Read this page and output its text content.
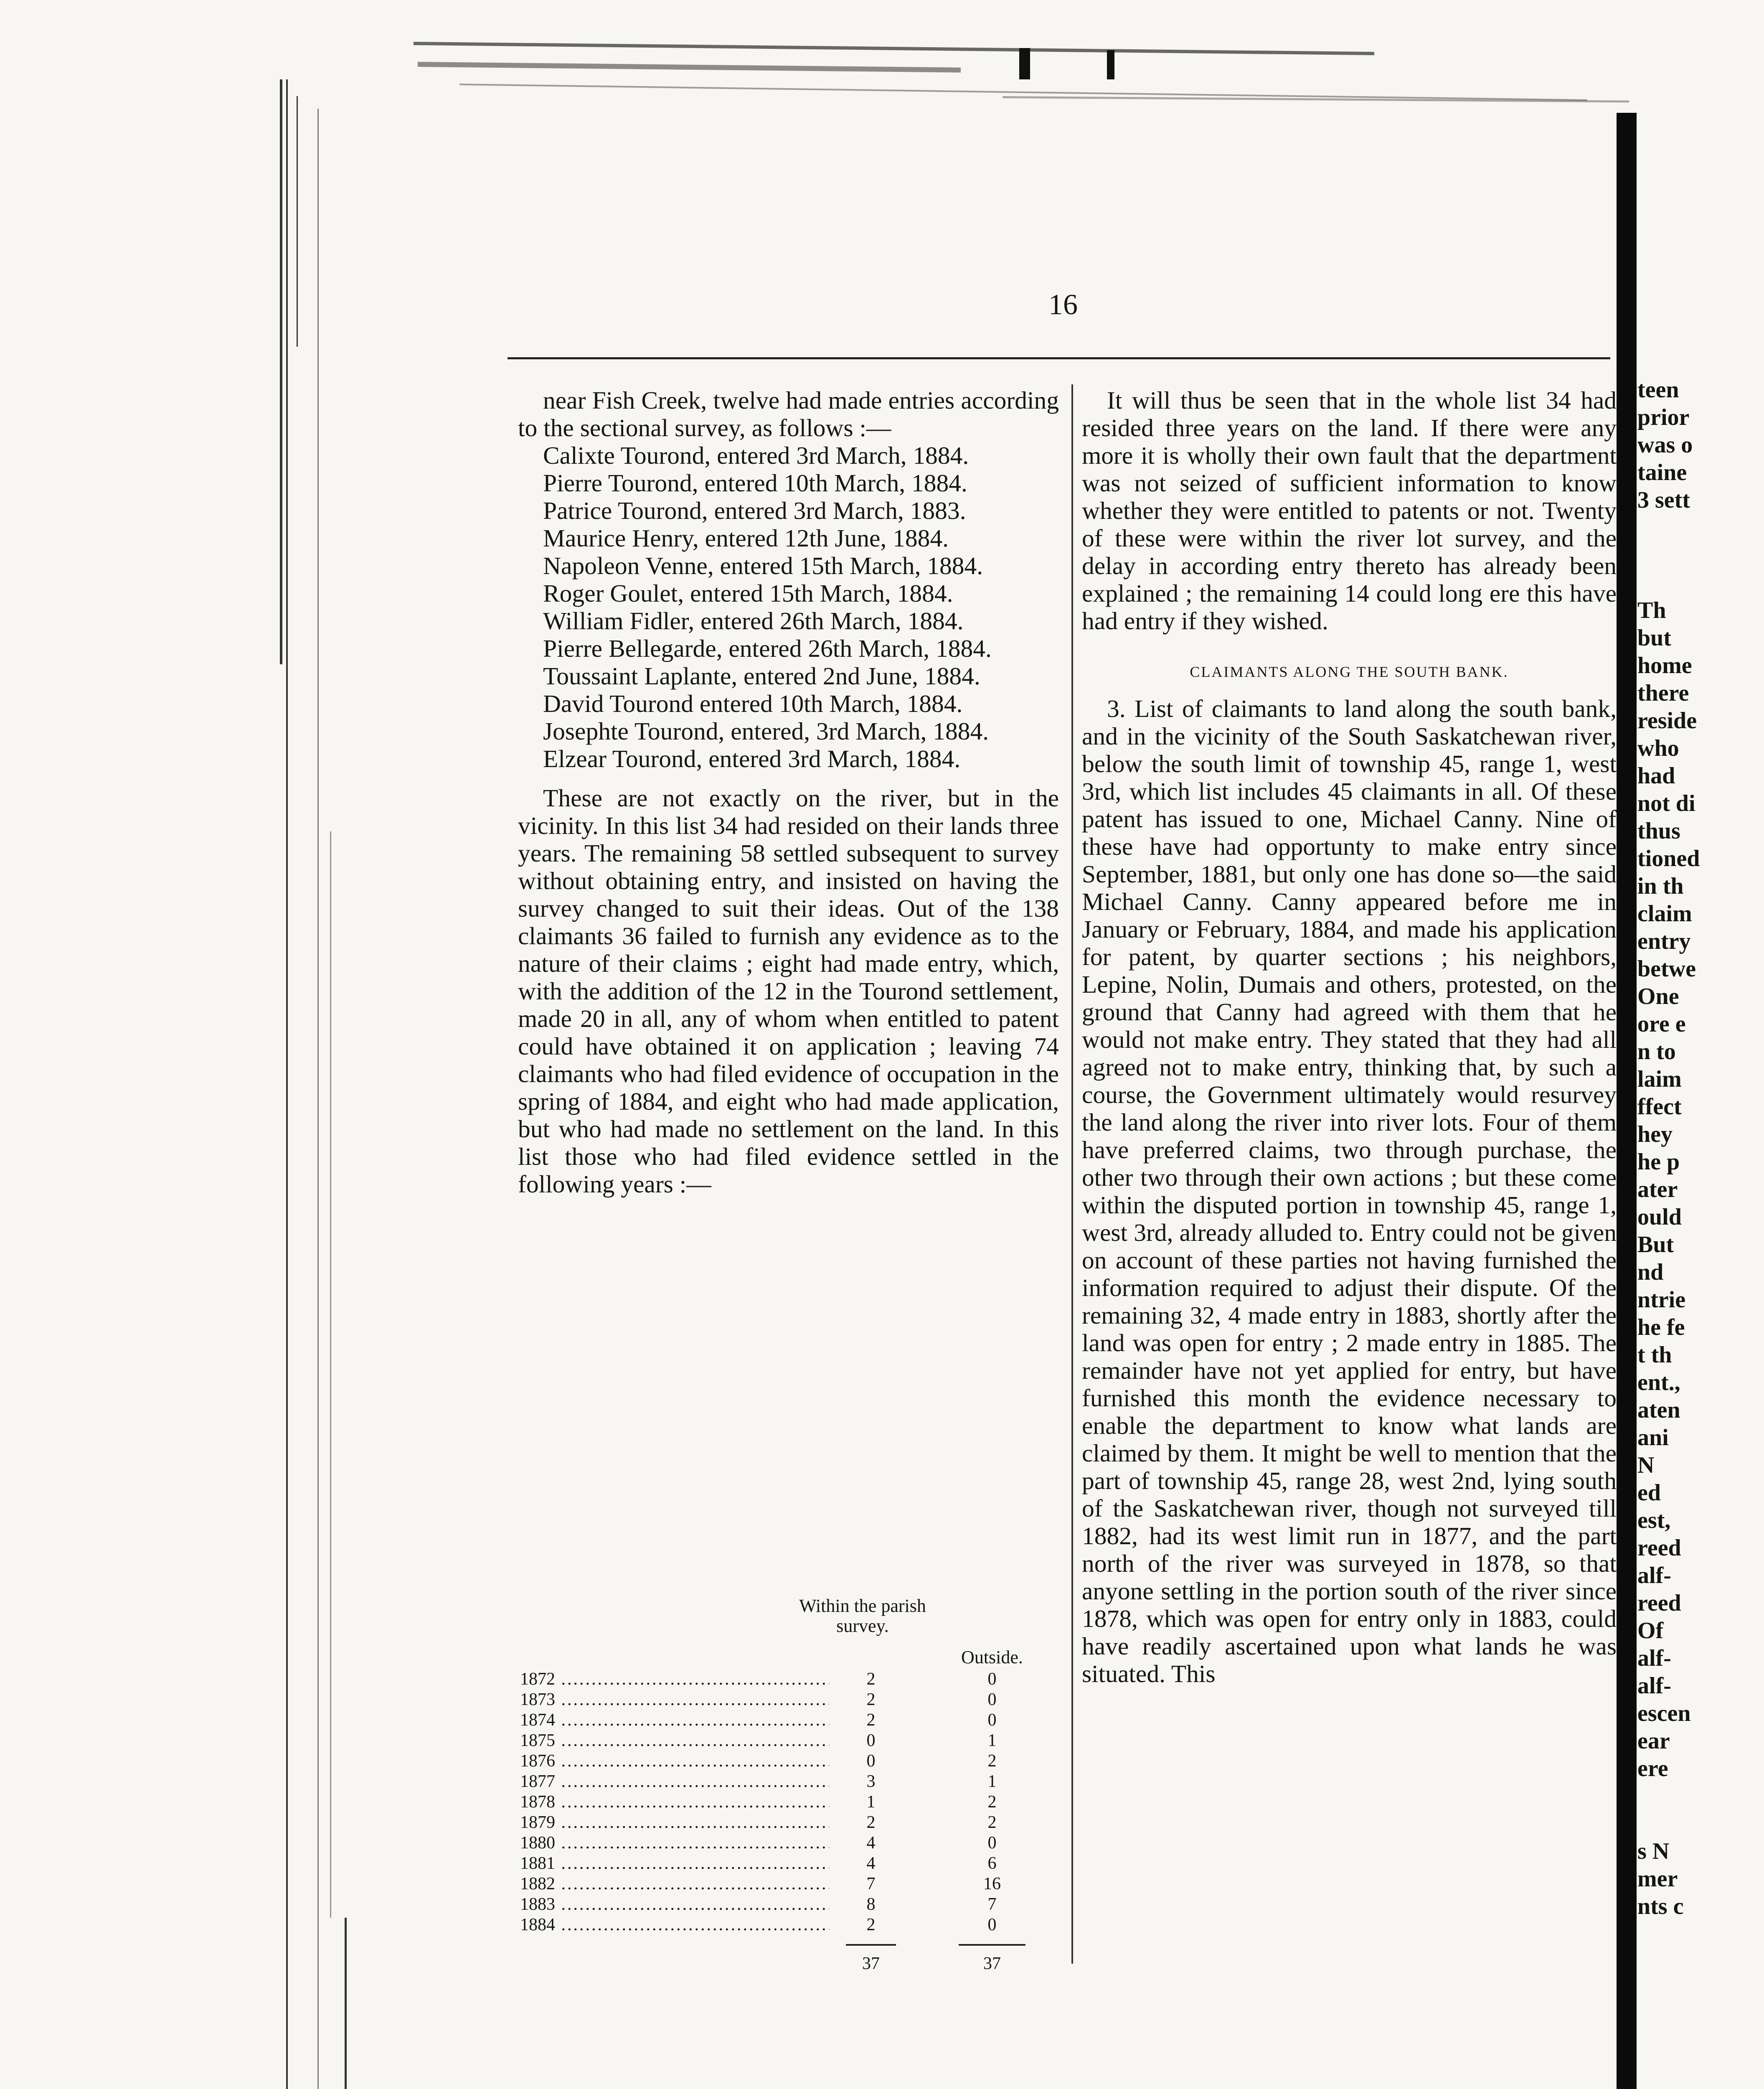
16

near Fish Creek, twelve had made entries according to the sectional survey, as follows :—

Calixte Tourond, entered 3rd March, 1884.

Pierre Tourond, entered 10th March, 1884.

Patrice Tourond, entered 3rd March, 1883.

Maurice Henry, entered 12th June, 1884.

Napoleon Venne, entered 15th March, 1884.

Roger Goulet, entered 15th March, 1884.

William Fidler, entered 26th March, 1884.

Pierre Bellegarde, entered 26th March, 1884.

Toussaint Laplante, entered 2nd June, 1884.

David Tourond entered 10th March, 1884.

Josephte Tourond, entered, 3rd March, 1884.

Elzear Tourond, entered 3rd March, 1884.

These are not exactly on the river, but in the vicinity. In this list 34 had resided on their lands three years. The remaining 58 settled subsequent to survey without obtaining entry, and insisted on having the survey changed to suit their ideas. Out of the 138 claimants 36 failed to furnish any evidence as to the nature of their claims ; eight had made entry, which, with the addition of the 12 in the Tourond settlement, made 20 in all, any of whom when entitled to patent could have obtained it on application ; leaving 74 claimants who had filed evidence of occupation in the spring of 1884, and eight who had made application, but who had made no settlement on the land. In this list those who had filed evidence settled in the following years :—

Within the parish survey.
Outside.
1872 .....	2	0
1873 .....	2	0
1874 .....	2	0
1875 .....	0	1
1876 .....	0	2
1877 .....	3	1
1878 .....	1	2
1879 .....	2	2
1880 .....	4	0
1881 .....	4	6
1882 .....	7	16
1883 .....	8	7
1884 .....	2	0
37	37

It will thus be seen that in the whole list 34 had resided three years on the land. If there were any more it is wholly their own fault that the department was not seized of sufficient information to know whether they were entitled to patents or not. Twenty of these were within the river lot survey, and the delay in according entry thereto has already been explained ; the remaining 14 could long ere this have had entry if they wished.

CLAIMANTS ALONG THE SOUTH BANK.

3. List of claimants to land along the south bank, and in the vicinity of the South Saskatchewan river, below the south limit of township 45, range 1, west 3rd, which list includes 45 claimants in all. Of these patent has issued to one, Michael Canny. Nine of these have had opportunty to make entry since September, 1881, but only one has done so—the said Michael Canny. Canny appeared before me in January or February, 1884, and made his application for patent, by quarter sections ; his neighbors, Lepine, Nolin, Dumais and others, protested, on the ground that Canny had agreed with them that he would not make entry. They stated that they had all agreed not to make entry, thinking that, by such a course, the Government ultimately would resurvey the land along the river into river lots. Four of them have preferred claims, two through purchase, the other two through their own actions ; but these come within the disputed portion in township 45, range 1, west 3rd, already alluded to. Entry could not be given on account of these parties not having furnished the information required to adjust their dispute. Of the remaining 32, 4 made entry in 1883, shortly after the land was open for entry ; 2 made entry in 1885. The remainder have not yet applied for entry, but have furnished this month the evidence necessary to enable the department to know what lands are claimed by them. It might be well to mention that the part of township 45, range 28, west 2nd, lying south of the Saskatchewan river, though not surveyed till 1882, had its west limit run in 1877, and the part north of the river was surveyed in 1878, so that anyone settling in the portion south of the river since 1878, which was open for entry only in 1883, could have readily ascertained upon what lands he was situated. This

teen
prior
was o
taine
3 sett
Th
but
home
there
reside
who
had
not di
thus
tioned
in th
claim
entry
betwe
One
ore e
n to
laim
ffect
hey
he p
ater
ould
But
nd
ntrie
he fe
t th
ent.,
aten
ani
N
ed
est,
reed
alf-
reed
Of
alf-
alf-
escen
ear
ere
s N
mer
nts c
